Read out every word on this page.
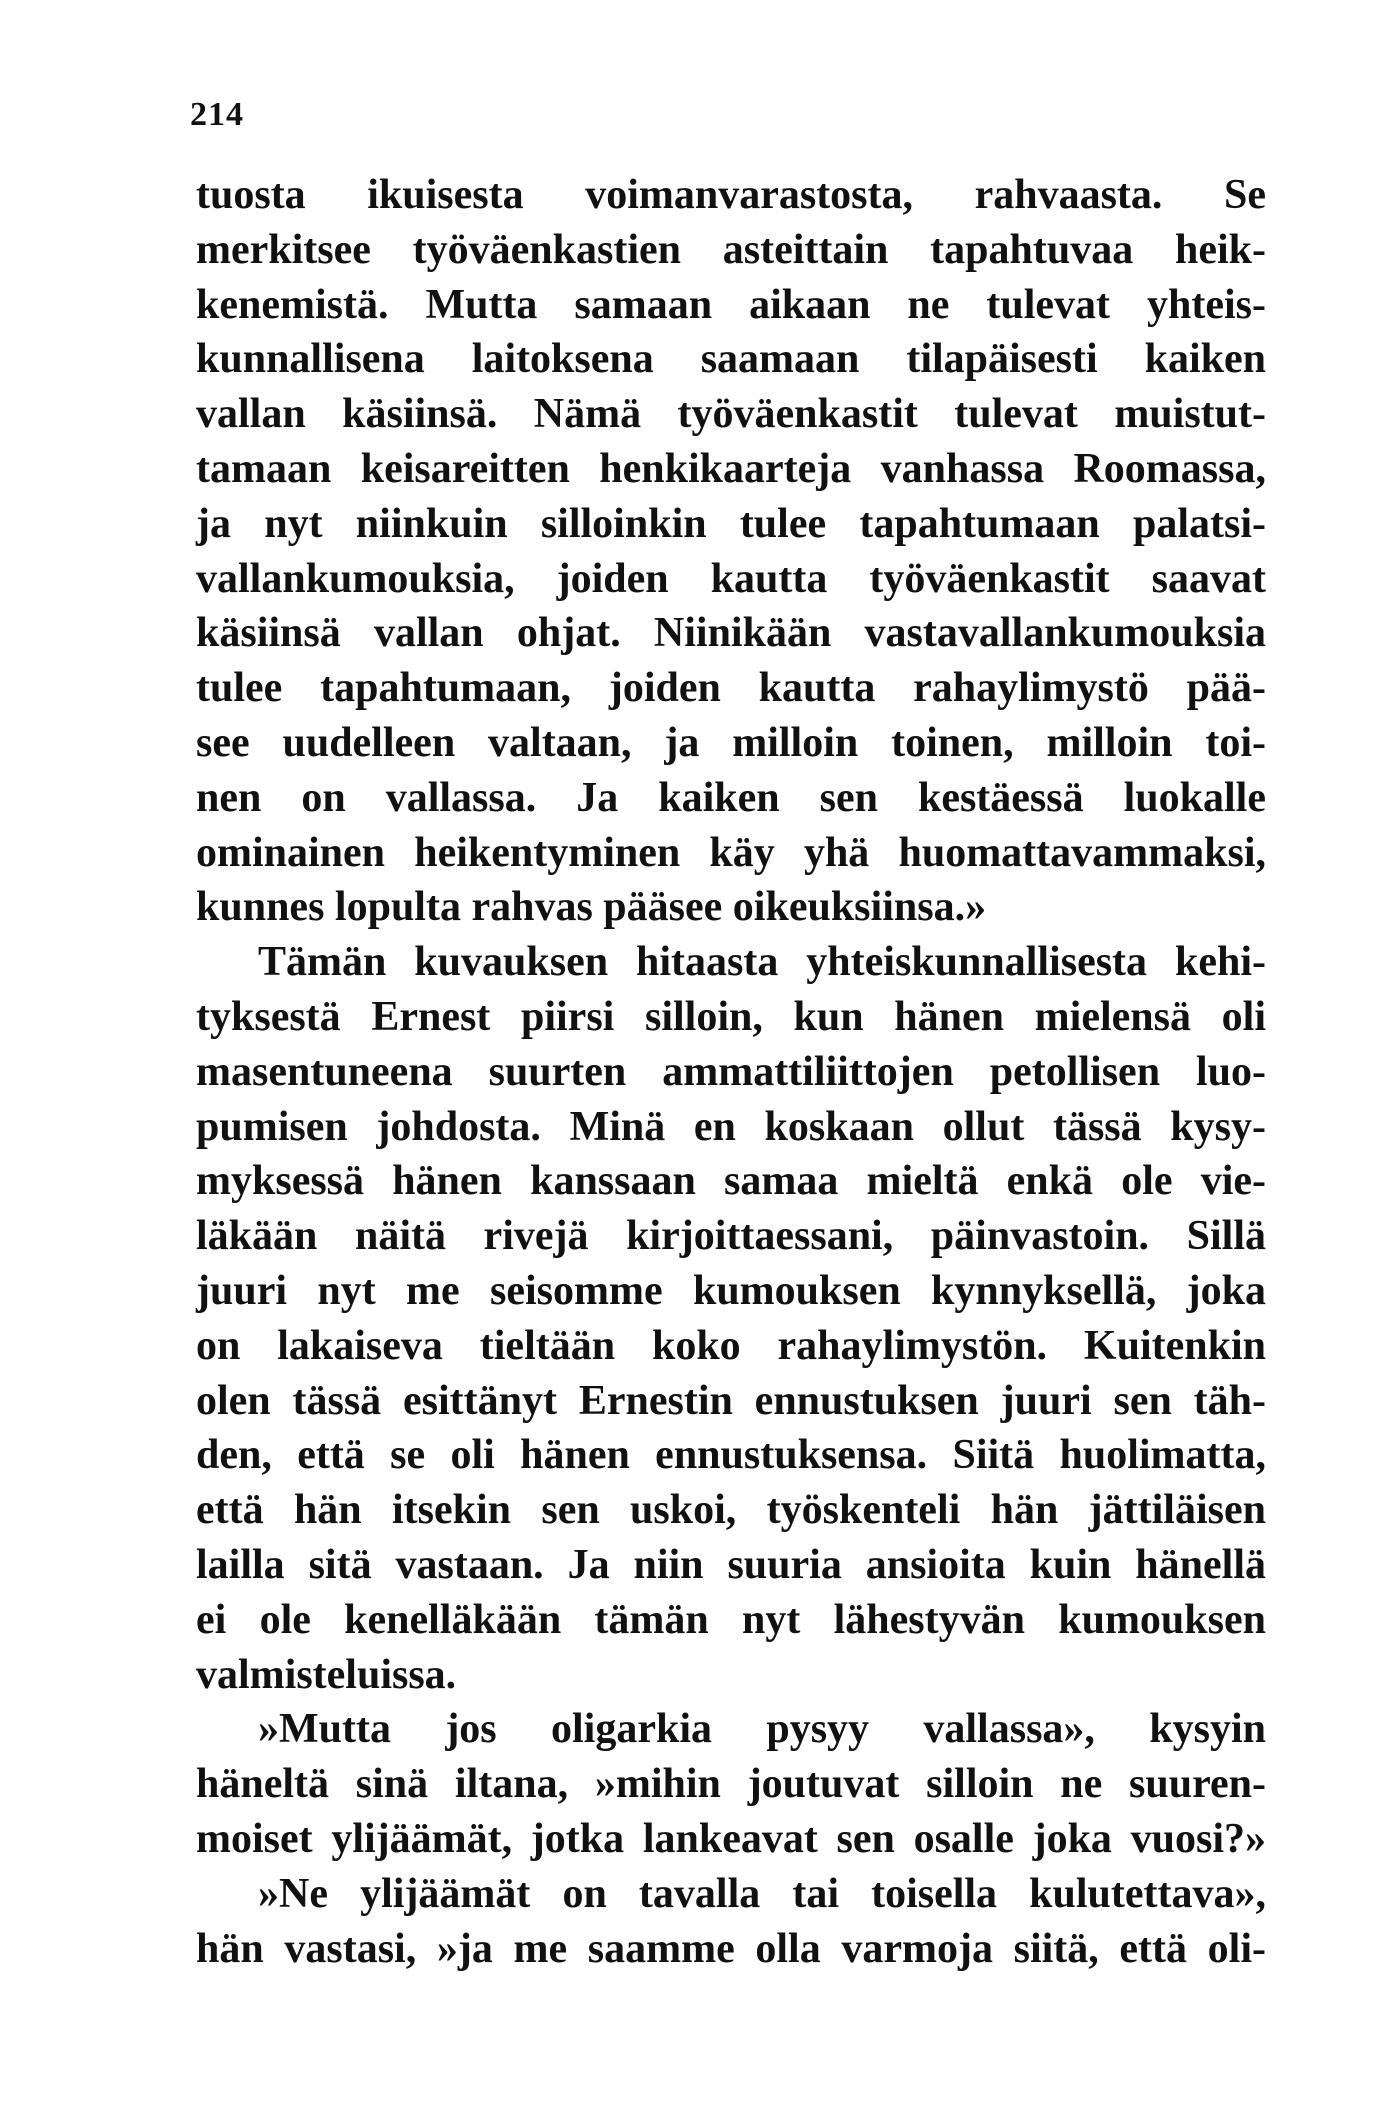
214
tuosta ikuisesta voimanvarastosta, rahvaasta. Se
merkitsee työväenkastien asteittain tapahtuvaa heik-
kenemistä. Mutta samaan aikaan ne tulevat yhteis-
kunnallisena laitoksena saamaan tilapäisesti kaiken
vallan käsiinsä. Nämä työväenkastit tulevat muistut-
tamaan keisareitten henkikaarteja vanhassa Roomassa,
ja nyt niinkuin silloinkin tulee tapahtumaan palatsi-
vallankumouksia, joiden kautta työväenkastit saavat
käsiinsä vallan ohjat. Niinikään vastavallankumouksia
tulee tapahtumaan, joiden kautta rahaylimystö pää-
see uudelleen valtaan, ja milloin toinen, milloin toi-
nen on vallassa. Ja kaiken sen kestäessä luokalle
ominainen heikentyminen käy yhä huomattavammaksi,
kunnes lopulta rahvas pääsee oikeuksiinsa.»
Tämän kuvauksen hitaasta yhteiskunnallisesta kehi-
tyksestä Ernest piirsi silloin, kun hänen mielensä oli
masentuneena suurten ammattiliittojen petollisen luo-
pumisen johdosta. Minä en koskaan ollut tässä kysy-
myksessä hänen kanssaan samaa mieltä enkä ole vie-
läkään näitä rivejä kirjoittaessani, päinvastoin. Sillä
juuri nyt me seisomme kumouksen kynnyksellä, joka
on lakaiseva tieltään koko rahaylimystön. Kuitenkin
olen tässä esittänyt Ernestin ennustuksen juuri sen täh-
den, että se oli hänen ennustuksensa. Siitä huolimatta,
että hän itsekin sen uskoi, työskenteli hän jättiläisen
lailla sitä vastaan. Ja niin suuria ansioita kuin hänellä
ei ole kenelläkään tämän nyt lähestyvän kumouksen
valmisteluissa.
»Mutta jos oligarkia pysyy vallassa», kysyin
häneltä sinä iltana, »mihin joutuvat silloin ne suuren-
moiset ylijäämät, jotka lankeavat sen osalle joka vuosi?»
»Ne ylijäämät on tavalla tai toisella kulutettava»,
hän vastasi, »ja me saamme olla varmoja siitä, että oli-
